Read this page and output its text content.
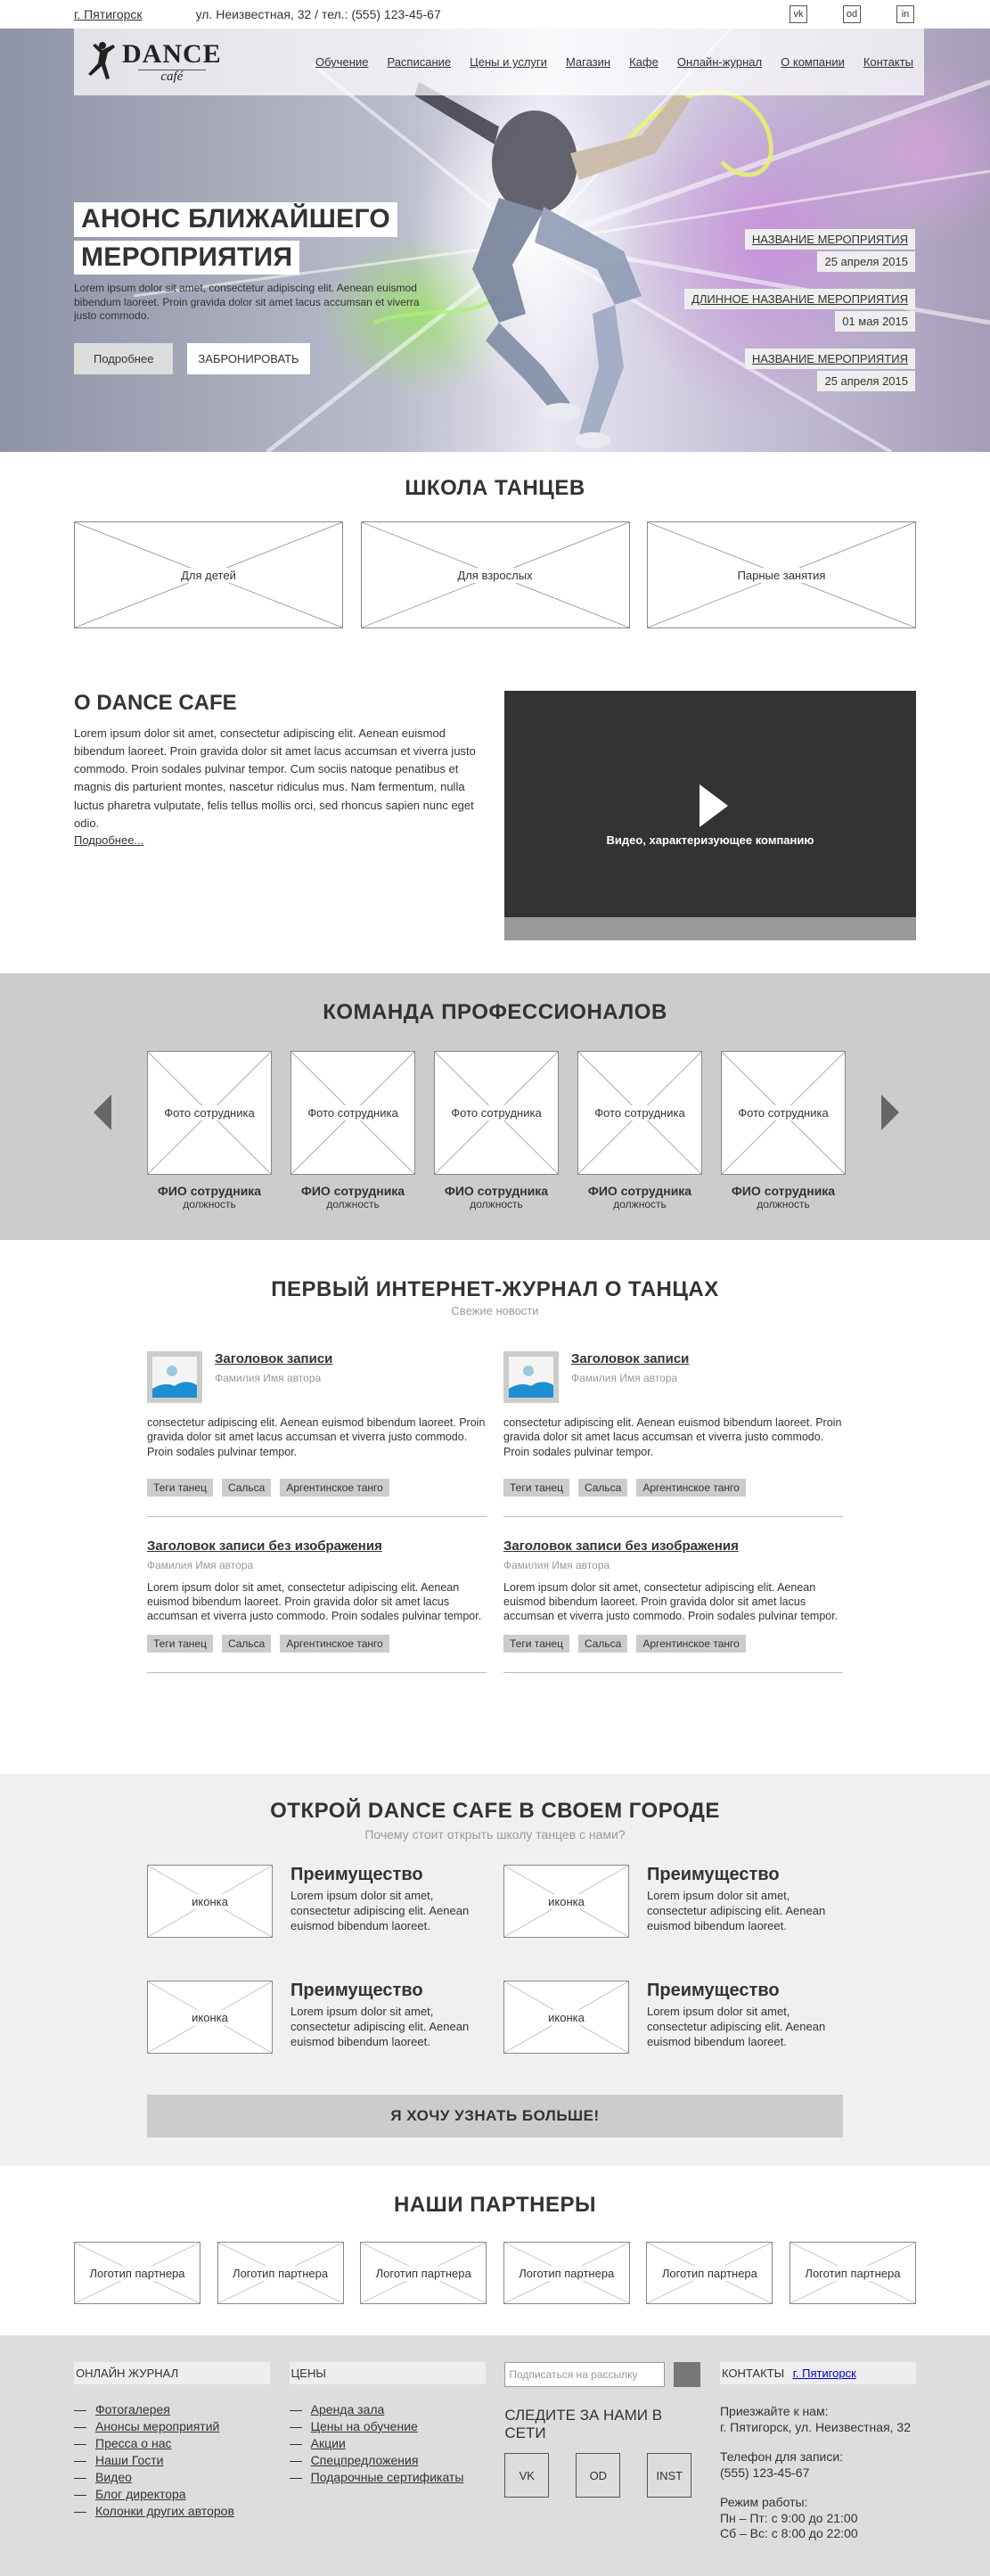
г. Пятигорск	ул. Неизвестная, 32 / тел.: (555) 123-45-67	vk	od	in
DANCE
café
Обучение Расписание Цены и услуги Магазин Кафе Онлайн-журнал О компании Контакты
АНОНС БЛИЖАЙШЕГО
МЕРОПРИЯТИЯ
Lorem ipsum dolor sit amet, consectetur adipiscing elit. Aenean euismod bibendum laoreet. Proin gravida dolor sit amet lacus accumsan et viverra justo commodo.
Подробнее	ЗАБРОНИРОВАТЬ
НАЗВАНИЕ МЕРОПРИЯТИЯ
25 апреля 2015
ДЛИННОЕ НАЗВАНИЕ МЕРОПРИЯТИЯ
01 мая 2015
НАЗВАНИЕ МЕРОПРИЯТИЯ
25 апреля 2015
ШКОЛА ТАНЦЕВ
Для детей	Для взрослых	Парные занятия
О DANCE CAFE

Lorem ipsum dolor sit amet, consectetur adipiscing elit. Aenean euismod bibendum laoreet. Proin gravida dolor sit amet lacus accumsan et viverra justo commodo. Proin sodales pulvinar tempor. Cum sociis natoque penatibus et magnis dis parturient montes, nascetur ridiculus mus. Nam fermentum, nulla luctus pharetra vulputate, felis tellus mollis orci, sed rhoncus sapien nunc eget odio.

Подробнее...	Видео, характеризующее компанию
КОМАНДА ПРОФЕССИОНАЛОВ
Фото сотрудника
ФИО сотрудника
должность
Фото сотрудника
ФИО сотрудника
должность
Фото сотрудника
ФИО сотрудника
должность
Фото сотрудника
ФИО сотрудника
должность
Фото сотрудника
ФИО сотрудника
должность
ПЕРВЫЙ ИНТЕРНЕТ-ЖУРНАЛ О ТАНЦАХ
Свежие новости
Заголовок записи
Фамилия Имя автора
consectetur adipiscing elit. Aenean euismod bibendum laoreet. Proin gravida dolor sit amet lacus accumsan et viverra justo commodo. Proin sodales pulvinar tempor.
Теги танец	Сальса	Аргентинское танго
Заголовок записи
Фамилия Имя автора
consectetur adipiscing elit. Aenean euismod bibendum laoreet. Proin gravida dolor sit amet lacus accumsan et viverra justo commodo. Proin sodales pulvinar tempor.
Теги танец	Сальса	Аргентинское танго
Заголовок записи без изображения
Фамилия Имя автора
Lorem ipsum dolor sit amet, consectetur adipiscing elit. Aenean euismod bibendum laoreet. Proin gravida dolor sit amet lacus accumsan et viverra justo commodo. Proin sodales pulvinar tempor.
Теги танец	Сальса	Аргентинское танго
Заголовок записи без изображения
Фамилия Имя автора
Lorem ipsum dolor sit amet, consectetur adipiscing elit. Aenean euismod bibendum laoreet. Proin gravida dolor sit amet lacus accumsan et viverra justo commodo. Proin sodales pulvinar tempor.
Теги танец	Сальса	Аргентинское танго
ОТКРОЙ DANCE CAFE В СВОЕМ ГОРОДЕ
Почему стоит открыть школу танцев с нами?
иконка
Преимущество

Lorem ipsum dolor sit amet, consectetur adipiscing elit. Aenean euismod bibendum laoreet.

иконка
Преимущество

Lorem ipsum dolor sit amet, consectetur adipiscing elit. Aenean euismod bibendum laoreet.

иконка
Преимущество

Lorem ipsum dolor sit amet, consectetur adipiscing elit. Aenean euismod bibendum laoreet.

иконка
Преимущество

Lorem ipsum dolor sit amet, consectetur adipiscing elit. Aenean euismod bibendum laoreet.

Я ХОЧУ УЗНАТЬ БОЛЬШЕ!
НАШИ ПАРТНЕРЫ
Логотип партнера	Логотип партнера	Логотип партнера	Логотип партнера	Логотип партнера	Логотип партнера
ОНЛАЙН ЖУРНАЛ
Фотогалерея
Анонсы мероприятий
Пресса о нас
Наши Гости
Видео
Блог директора
Колонки других авторов
ЦЕНЫ
Аренда зала
Цены на обучение
Акции
Спецпредложения
Подарочные сертификаты
Подписаться на рассылку
СЛЕДИТЕ ЗА НАМИ В СЕТИ
VK	OD	INST
КОНТАКТЫ г. Пятигорск

Приезжайте к нам:
г. Пятигорск, ул. Неизвестная, 32

Телефон для записи:
(555) 123-45-67

Режим работы:
Пн – Пт: с 9:00 до 21:00
Сб – Вс: с 8:00 до 22:00
